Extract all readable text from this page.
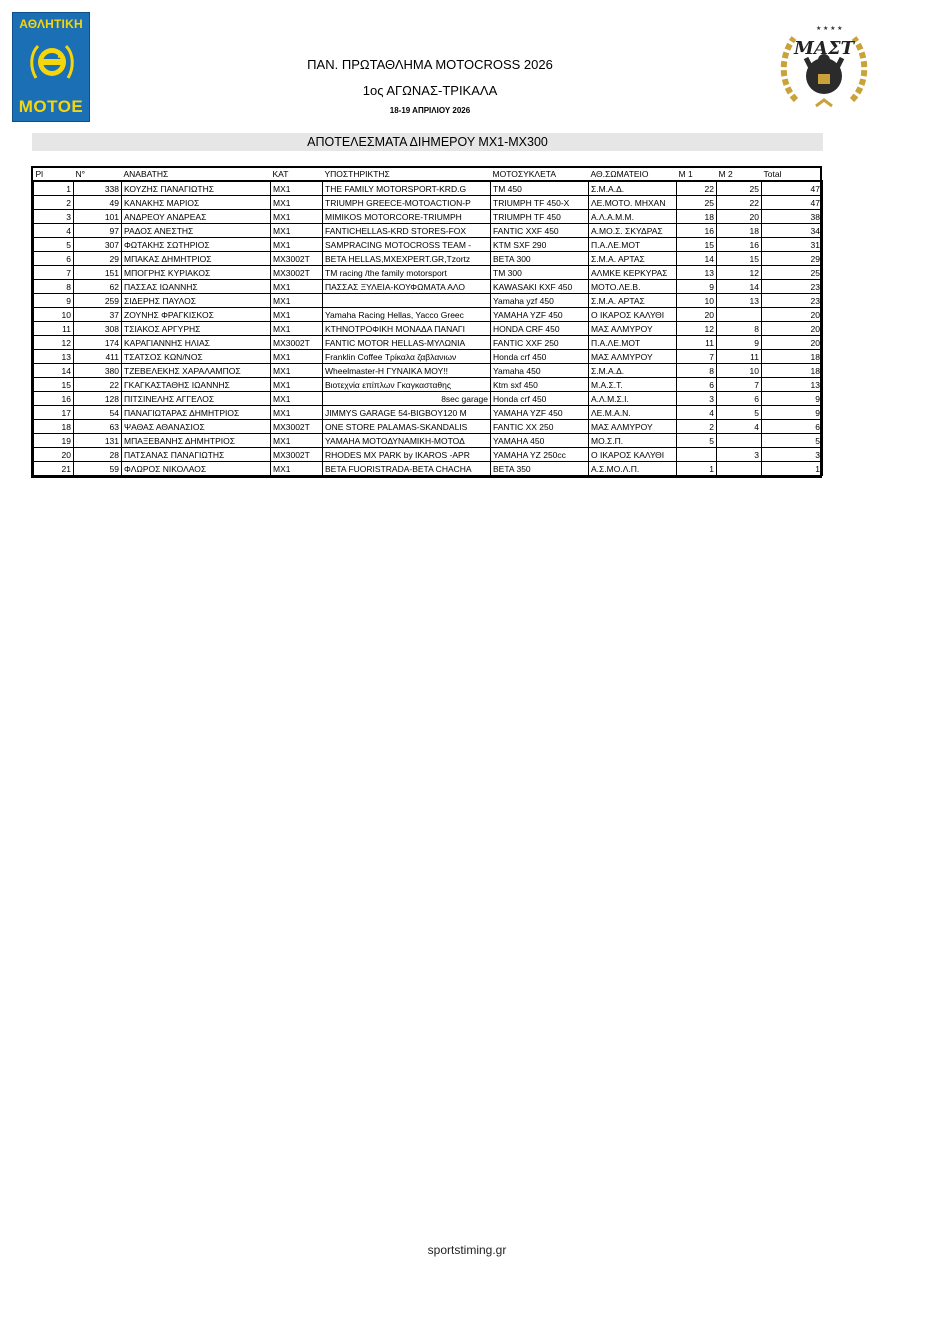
ΑΘΛΗΤΙΚΗ
ΜΟΤΟΕ
★ ★ ★ ★
ΜΑΣΤ
ΠΑΝ. ΠΡΩΤΑΘΛΗΜΑ MOTOCROSS 2026
1ος ΑΓΩΝΑΣ-ΤΡΙΚΑΛΑ
18-19 ΑΠΡΙΛΙΟΥ 2026
ΑΠΟΤΕΛΕΣΜΑΤΑ ΔΙΗΜΕΡΟΥ MX1-MX300
Pl	N°	ΑΝΑΒΑΤΗΣ	ΚΑΤ	ΥΠΟΣΤΗΡΙΚΤΗΣ	ΜΟΤΟΣΥΚΛΕΤΑ	ΑΘ.ΣΩΜΑΤΕΙΟ	M 1	M 2	Total
1	338	ΚΟΥΖΗΣ ΠΑΝΑΓΙΩΤΗΣ	MX1	THE FAMILY MOTORSPORT-KRD.G	TM 450	Σ.Μ.Α.Δ.	22	25	47
2	49	ΚΑΝΑΚΗΣ ΜΑΡΙΟΣ	MX1	TRIUMPH GREECE-MOTOACTION-P	TRIUMPH TF 450-X	ΛΕ.ΜΟΤΟ. ΜΗΧΑΝ	25	22	47
3	101	ΑΝΔΡΕΟΥ ΑΝΔΡΕΑΣ	MX1	MIMIKOS MOTORCORE-TRIUMPH	TRIUMPH TF 450	Α.Λ.Α.Μ.Μ.	18	20	38
4	97	ΡΑΔΟΣ ΑΝΕΣΤΗΣ	MX1	FANTICHELLAS-KRD STORES-FOX	FANTIC XXF 450	Α.ΜΟ.Σ. ΣΚΥΔΡΑΣ	16	18	34
5	307	ΦΩΤΑΚΗΣ ΣΩΤΗΡΙΟΣ	MX1	SAMPRACING MOTOCROSS TEAM -	KTM SXF 290	Π.Α.ΛΕ.ΜΟΤ	15	16	31
6	29	ΜΠΑΚΑΣ ΔΗΜΗΤΡΙΟΣ	MX3002T	BETA HELLAS,MXEXPERT.GR,Tzortz	BETA 300	Σ.Μ.Α. ΑΡΤΑΣ	14	15	29
7	151	ΜΠΟΓΡΗΣ ΚΥΡΙΑΚΟΣ	MX3002T	TM racing /the family motorsport	TM 300	ΑΛΜΚΕ ΚΕΡΚΥΡΑΣ	13	12	25
8	62	ΠΑΣΣΑΣ ΙΩΑΝΝΗΣ	MX1	ΠΑΣΣΑΣ ΞΥΛΕΙΑ-ΚΟΥΦΩΜΑΤΑ ΑΛΟ	KAWASAKI KXF 450	ΜΟΤΟ.ΛΕ.Β.	9	14	23
9	259	ΣΙΔΕΡΗΣ ΠΑΥΛΟΣ	MX1		Yamaha yzf 450	Σ.Μ.Α. ΑΡΤΑΣ	10	13	23
10	37	ΖΟΥΝΗΣ ΦΡΑΓΚΙΣΚΟΣ	MX1	Yamaha Racing Hellas, Yacco Greec	YAMAHA YZF 450	Ο ΙΚΑΡΟΣ ΚΑΛΥΘΙ	20		20
11	308	ΤΣΙΑΚΟΣ ΑΡΓΥΡΗΣ	MX1	ΚΤΗΝΟΤΡΟΦΙΚΗ ΜΟΝΑΔΑ ΠΑΝΑΓΙ	HONDA CRF 450	ΜΑΣ ΑΛΜΥΡΟΥ	12	8	20
12	174	ΚΑΡΑΓΙΑΝΝΗΣ ΗΛΙΑΣ	MX3002T	FANTIC MOTOR HELLAS-ΜΥΛΩΝΙΑ	FANTIC XXF 250	Π.Α.ΛΕ.ΜΟΤ	11	9	20
13	411	ΤΣΑΤΣΟΣ ΚΩΝ/ΝΟΣ	MX1	Franklin Coffee Τρίκαλα ζαβλανιων	Honda crf 450	ΜΑΣ ΑΛΜΥΡΟΥ	7	11	18
14	380	ΤΖΕΒΕΛΕΚΗΣ ΧΑΡΑΛΑΜΠΟΣ	MX1	Wheelmaster-Η ΓΥΝΑΙΚΑ ΜΟΥ!!	Yamaha 450	Σ.Μ.Α.Δ.	8	10	18
15	22	ΓΚΑΓΚΑΣΤΑΘΗΣ ΙΩΑΝΝΗΣ	MX1	Βιοτεχνία επίπλων Γκαγκασταθης	Ktm sxf 450	Μ.Α.Σ.Τ.	6	7	13
16	128	ΠΙΤΣΙΝΕΛΗΣ ΑΓΓΕΛΟΣ	MX1	8sec garage	Honda crf 450	Α.Λ.Μ.Σ.Ι.	3	6	9
17	54	ΠΑΝΑΓΙΩΤΑΡΑΣ ΔΗΜΗΤΡΙΟΣ	MX1	JIMMYS GARAGE 54-BIGBOY120 M	YAMAHA YZF 450	ΛΕ.Μ.Α.Ν.	4	5	9
18	63	ΨΑΘΑΣ ΑΘΑΝΑΣΙΟΣ	MX3002T	ONE STORE PALAMAS-SKANDALIS	FANTIC XX 250	ΜΑΣ ΑΛΜΥΡΟΥ	2	4	6
19	131	ΜΠΑΞΕΒΑΝΗΣ ΔΗΜΗΤΡΙΟΣ	MX1	YAMAHA ΜΟΤΟΔΥΝΑΜΙΚΗ-ΜΟΤΟΔ	YAMAHA 450	ΜΟ.Σ.Π.	5		5
20	28	ΠΑΤΣΑΝΑΣ ΠΑΝΑΓΙΩΤΗΣ	MX3002T	RHODES MX PARK by IKAROS -APR	YAMAHA YZ 250cc	Ο ΙΚΑΡΟΣ ΚΑΛΥΘΙ		3	3
21	59	ΦΛΩΡΟΣ ΝΙΚΟΛΑΟΣ	MX1	BETA FUORISTRADA-BETA CHACHA	BETA 350	Α.Σ.ΜΟ.Λ.Π.	1		1
sportstiming.gr
